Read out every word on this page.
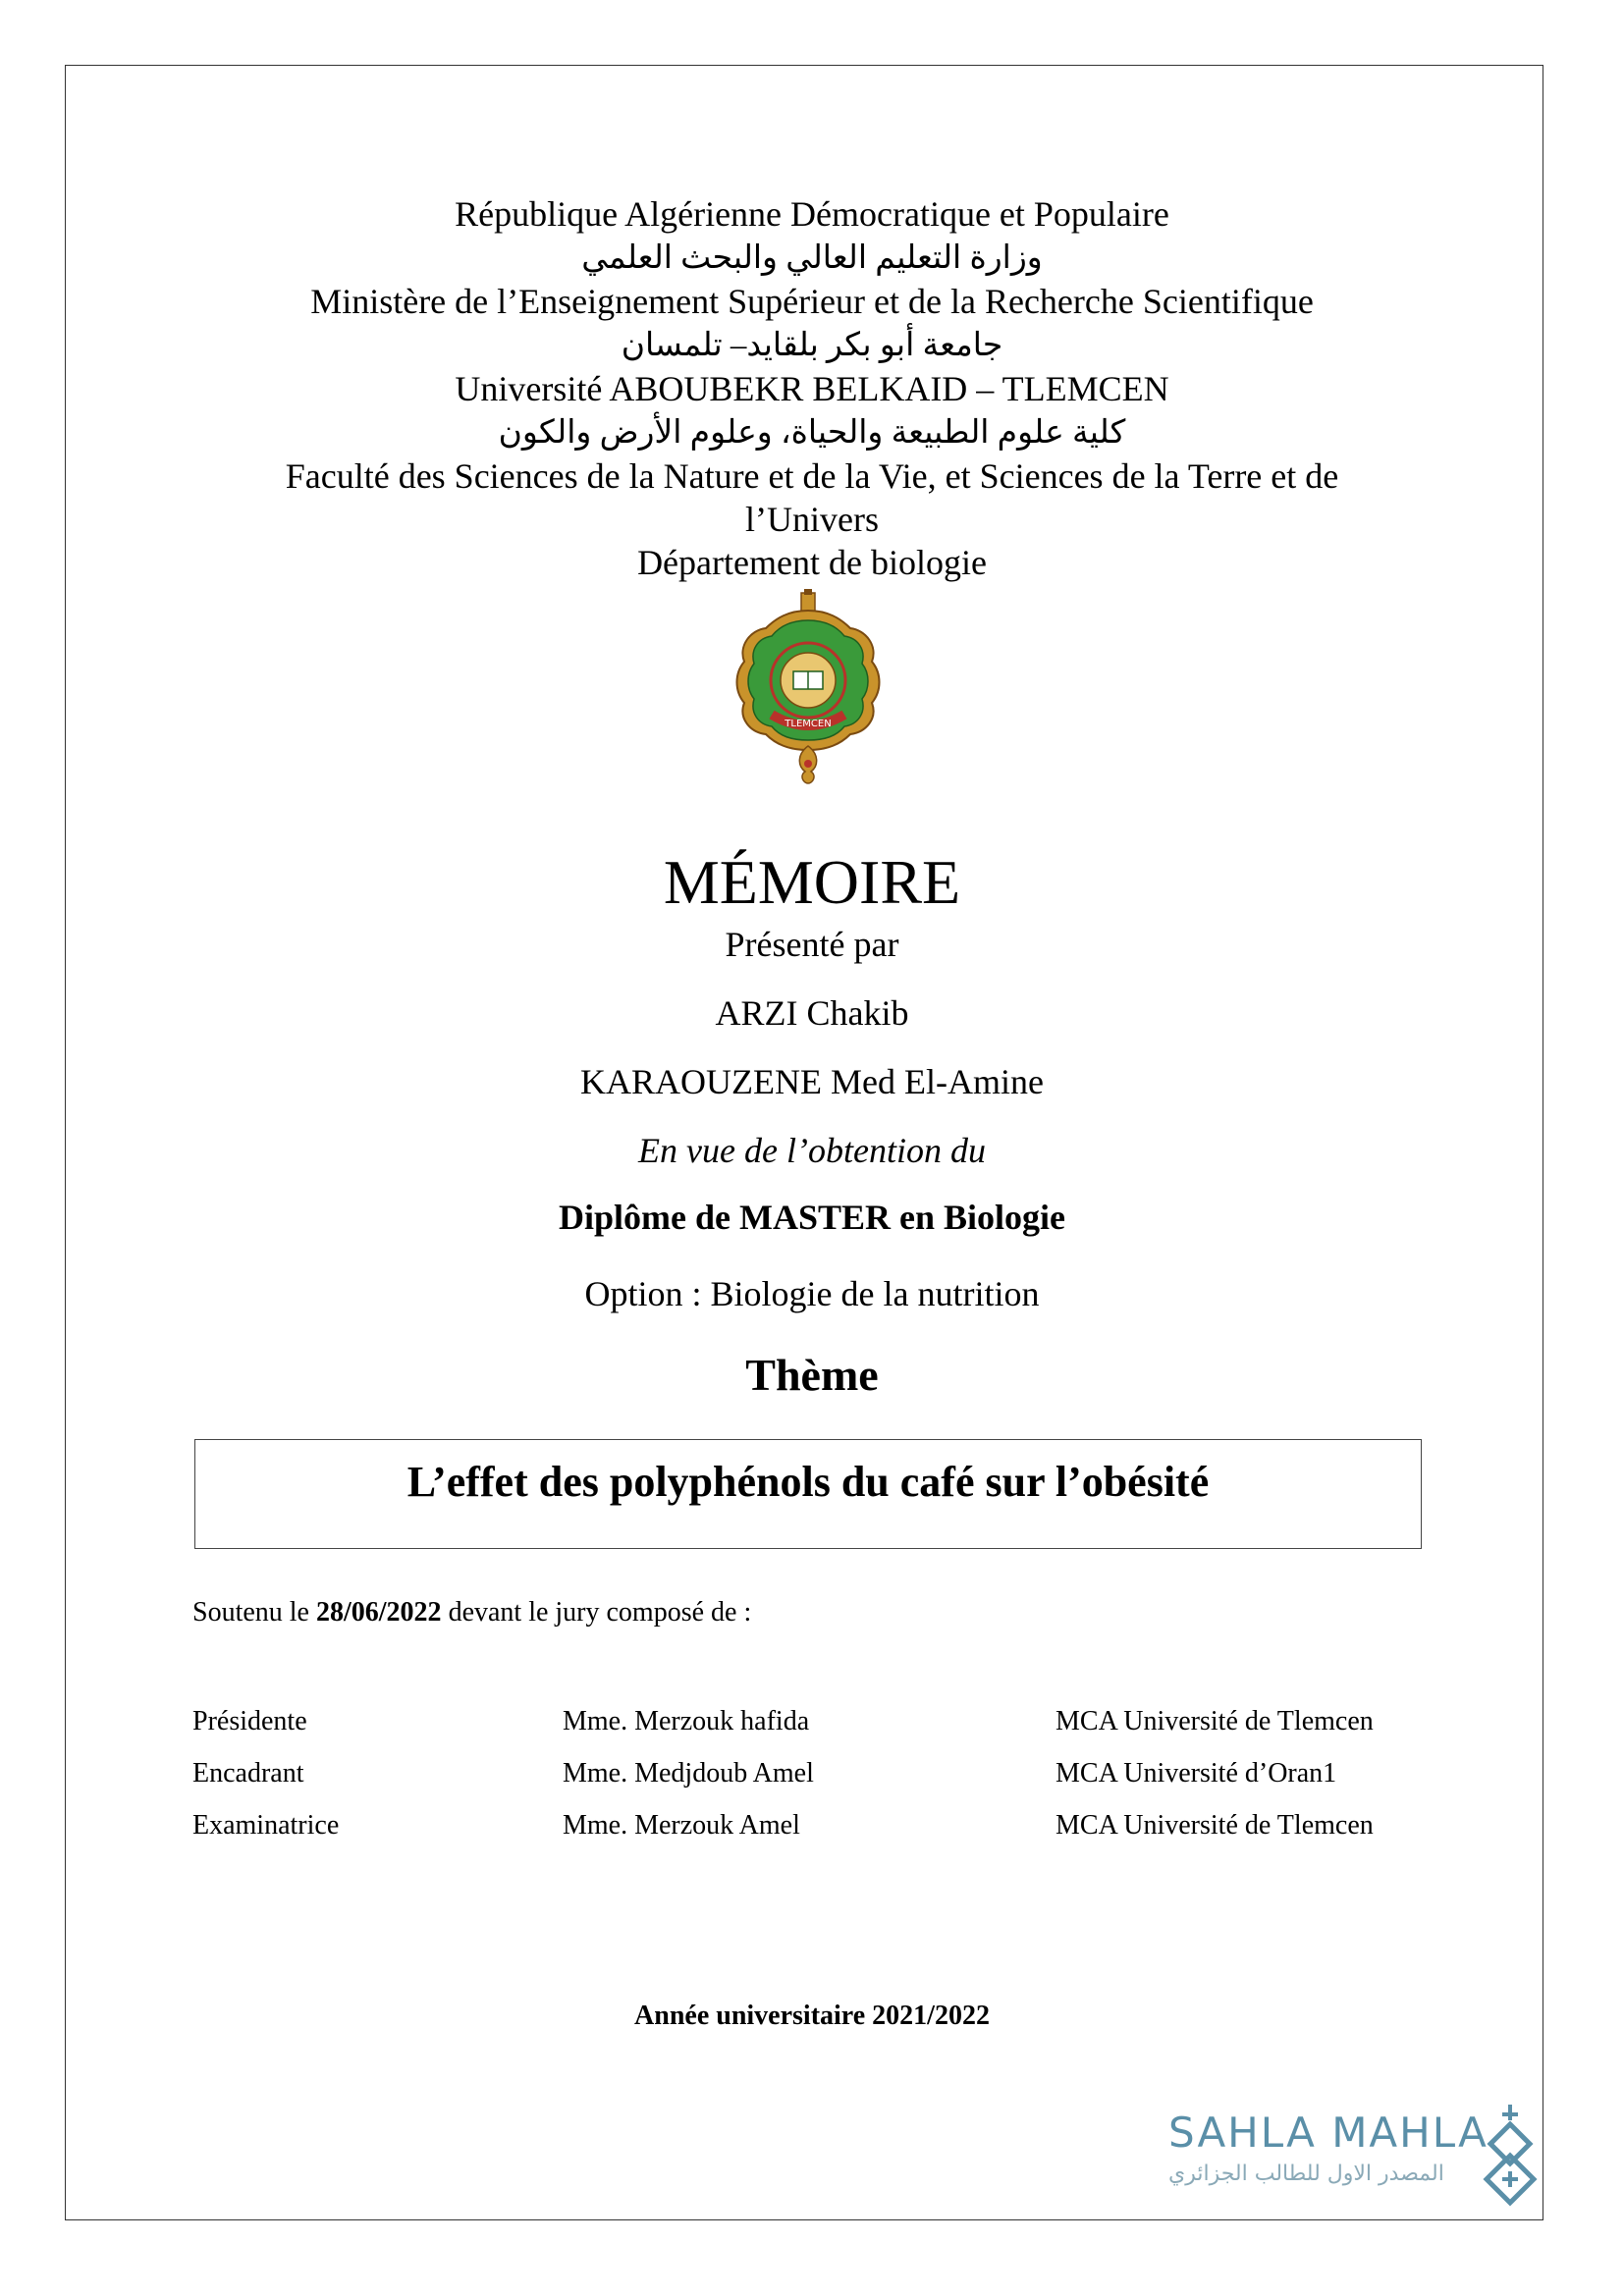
République Algérienne Démocratique et Populaire
وزارة التعليم العالي والبحث العلمي
Ministère de l’Enseignement Supérieur et de la Recherche Scientifique
جامعة أبو بكر بلقايد– تلمسان
Université ABOUBEKR BELKAID – TLEMCEN
كلية علوم الطبيعة والحياة، وعلوم الأرض والكون
Faculté des Sciences de la Nature et de la Vie, et Sciences de la Terre et de
l’Univers
Département de biologie
TLEMCEN
MÉMOIRE
Présenté par
ARZI Chakib
KARAOUZENE Med El-Amine
En vue de l’obtention du
Diplôme de MASTER en Biologie
Option : Biologie de la nutrition
Thème
L’effet des polyphénols du café sur l’obésité
Soutenu le 28/06/2022 devant le jury composé de :
Présidente	Mme. Merzouk hafida	MCA Université de Tlemcen
Encadrant	Mme. Medjdoub Amel	MCA Université d’Oran1
Examinatrice	Mme. Merzouk Amel	MCA Université de Tlemcen
Année universitaire 2021/2022
SAHLA MAHLA
المصدر الاول للطالب الجزائري
